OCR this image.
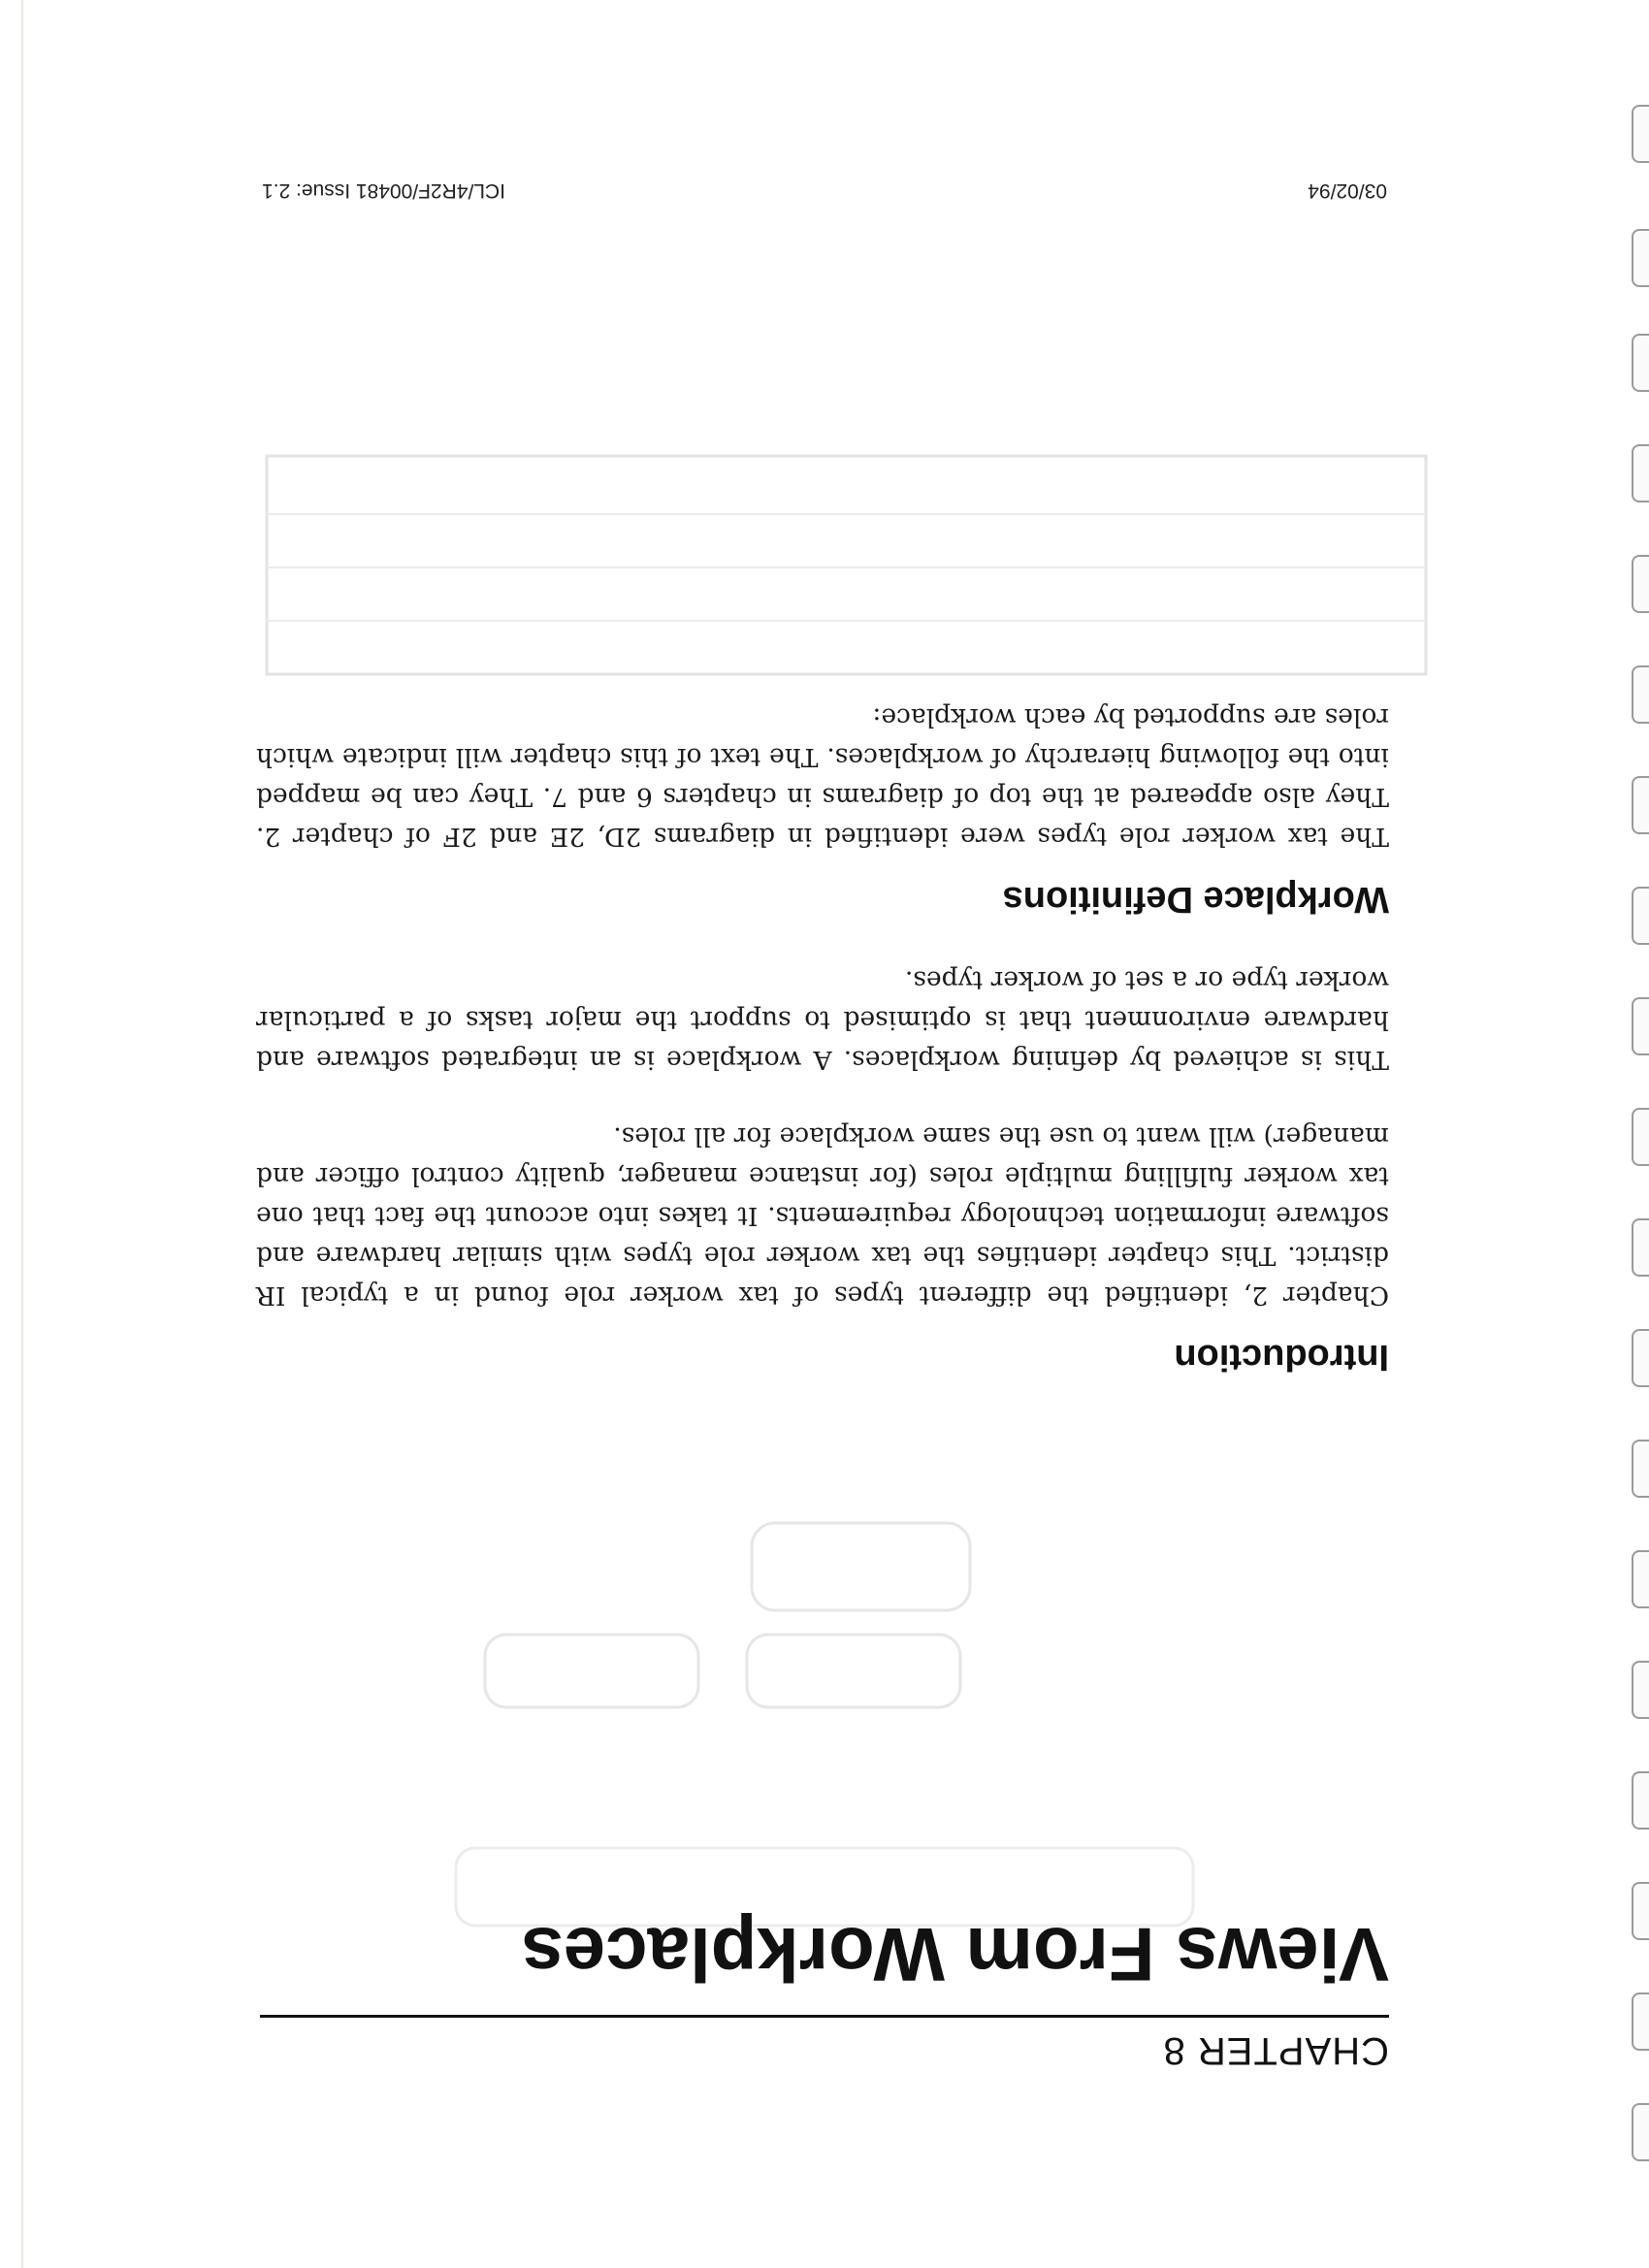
03/02/94
ICL/4R2F/00481 Issue: 2.1
CHAPTER 8
Views From Workplaces
Introduction

Chapter 2, identified the different types of tax worker role found in a typical IR district. This chapter identifies the tax worker role types with similar hardware and software information technology requirements. It takes into account the fact that one tax worker fulfilling multiple roles (for instance manager, quality control officer and manager) will want to use the same workplace for all roles.

This is achieved by defining workplaces. A workplace is an integrated software and hardware environment that is optimised to support the major tasks of a particular worker type or a set of worker types.

Workplace Definitions

The tax worker role types were identified in diagrams 2D, 2E and 2F of chapter 2. They also appeared at the top of diagrams in chapters 6 and 7. They can be mapped into the following hierarchy of workplaces. The text of this chapter will indicate which roles are supported by each workplace:
